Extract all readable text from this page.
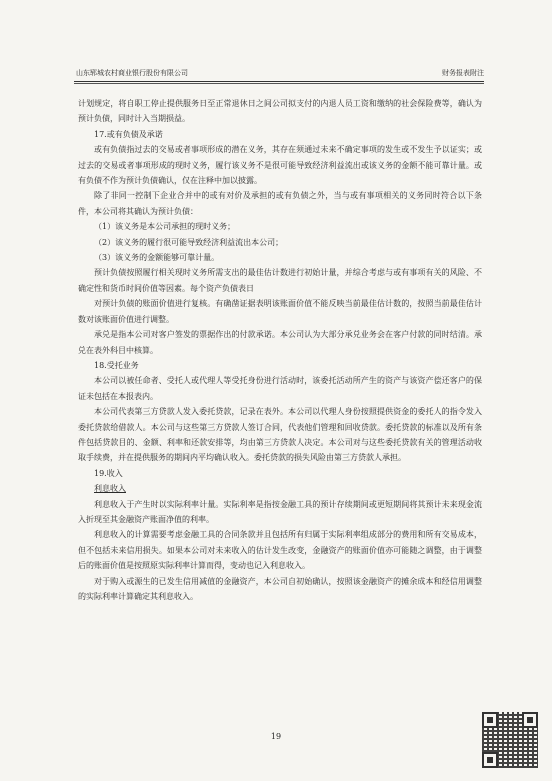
山东郓城农村商业银行股份有限公司	财务报表附注

计划规定，将自职工停止提供服务日至正常退休日之间公司拟支付的内退人员工资和缴纳的社会保险费等，确认为预计负债，同时计入当期损益。

17.或有负债及承诺

或有负债指过去的交易或者事项形成的潜在义务，其存在须通过未来不确定事项的发生或不发生予以证实；或过去的交易或者事项形成的现时义务，履行该义务不是很可能导致经济利益流出或该义务的金额不能可靠计量。或有负债不作为预计负债确认，仅在注释中加以披露。

除了非同一控制下企业合并中的或有对价及承担的或有负债之外，当与或有事项相关的义务同时符合以下条件，本公司将其确认为预计负债：

（1）该义务是本公司承担的现时义务；

（2）该义务的履行很可能导致经济利益流出本公司；

（3）该义务的金额能够可靠计量。

预计负债按照履行相关现时义务所需支出的最佳估计数进行初始计量，并综合考虑与或有事项有关的风险、不确定性和货币时间价值等因素。每个资产负债表日

对预计负债的账面价值进行复核。有确凿证据表明该账面价值不能反映当前最佳估计数的，按照当前最佳估计数对该账面价值进行调整。

承兑是指本公司对客户签发的票据作出的付款承诺。本公司认为大部分承兑业务会在客户付款的同时结清。承兑在表外科目中核算。

18.受托业务

本公司以被任命者、受托人或代理人等受托身份进行活动时，该委托活动所产生的资产与该资产偿还客户的保证未包括在本报表内。

本公司代表第三方贷款人发入委托贷款，记录在表外。本公司以代理人身份按照提供资金的委托人的指令发入委托贷款给借款人。本公司与这些第三方贷款人签订合同，代表他们管理和回收贷款。委托贷款的标准以及所有条件包括贷款目的、金额、利率和还款安排等，均由第三方贷款人决定。本公司对与这些委托贷款有关的管理活动收取手续费，并在提供服务的期间内平均确认收入。委托贷款的损失风险由第三方贷款人承担。

19.收入

利息收入

利息收入于产生时以实际利率计量。实际利率是指按金融工具的预计存续期间或更短期间将其预计未来现金流入折现至其金融资产账面净值的利率。

利息收入的计算需要考虑金融工具的合同条款并且包括所有归属于实际利率组成部分的费用和所有交易成本，但不包括未来信用损失。如果本公司对未来收入的估计发生改变，金融资产的账面价值亦可能随之调整，由于调整后的账面价值是按照原实际利率计算而得，变动也记入利息收入。

对于购入或源生的已发生信用减值的金融资产，本公司自初始确认，按照该金融资产的摊余成本和经信用调整的实际利率计算确定其利息收入。

19
